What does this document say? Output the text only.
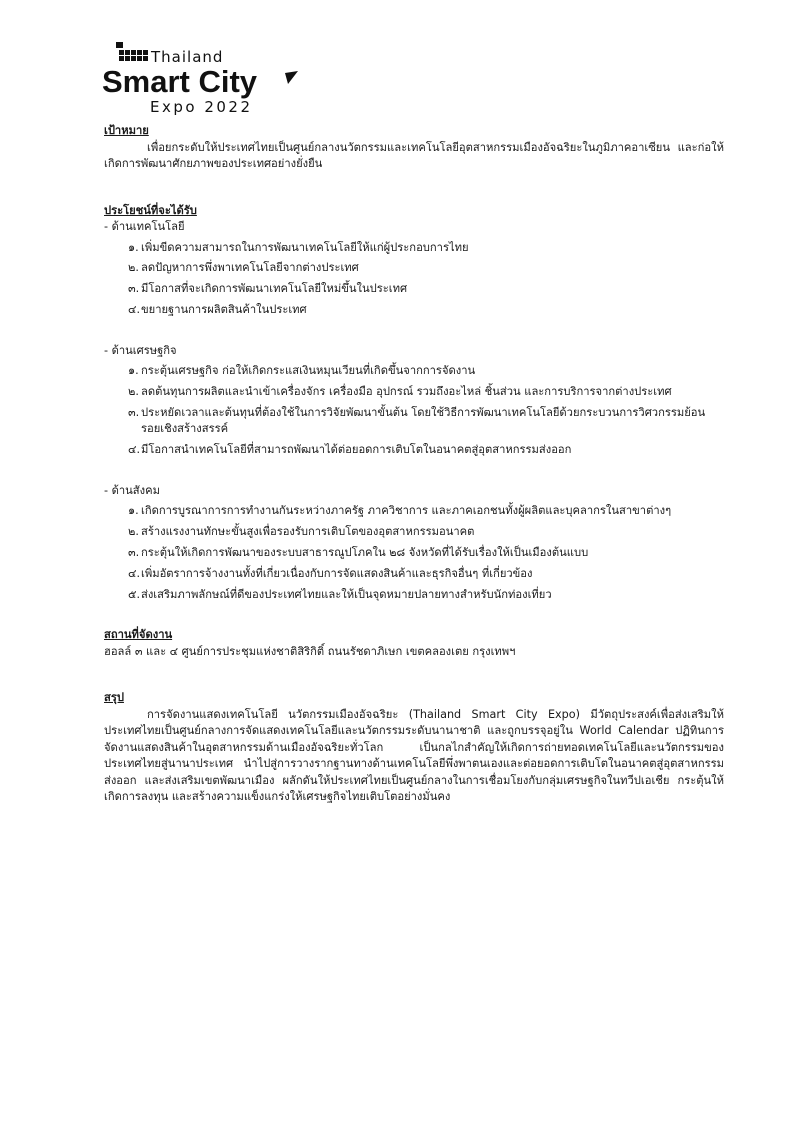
Thailand
Smart City
Expo 2022

เป้าหมาย

เพื่อยกระดับให้ประเทศไทยเป็นศูนย์กลางนวัตกรรมและเทคโนโลยีอุตสาหกรรมเมืองอัจฉริยะในภูมิภาคอาเซียน และก่อให้เกิดการพัฒนาศักยภาพของประเทศอย่างยั่งยืน

ประโยชน์ที่จะได้รับ

- ด้านเทคโนโลยี

๑. เพิ่มขีดความสามารถในการพัฒนาเทคโนโลยีให้แก่ผู้ประกอบการไทย
๒. ลดปัญหาการพึ่งพาเทคโนโลยีจากต่างประเทศ
๓. มีโอกาสที่จะเกิดการพัฒนาเทคโนโลยีใหม่ขึ้นในประเทศ
๔. ขยายฐานการผลิตสินค้าในประเทศ

- ด้านเศรษฐกิจ

๑. กระตุ้นเศรษฐกิจ ก่อให้เกิดกระแสเงินหมุนเวียนที่เกิดขึ้นจากการจัดงาน
๒. ลดต้นทุนการผลิตและนำเข้าเครื่องจักร เครื่องมือ อุปกรณ์ รวมถึงอะไหล่ ชิ้นส่วน และการบริการจากต่างประเทศ
๓. ประหยัดเวลาและต้นทุนที่ต้องใช้ในการวิจัยพัฒนาขั้นต้น โดยใช้วิธีการพัฒนาเทคโนโลยีด้วยกระบวนการวิศวกรรมย้อนรอยเชิงสร้างสรรค์
๔. มีโอกาสนำเทคโนโลยีที่สามารถพัฒนาได้ต่อยอดการเติบโตในอนาคตสู่อุตสาหกรรมส่งออก

- ด้านสังคม

๑. เกิดการบูรณาการการทำงานกันระหว่างภาครัฐ ภาควิชาการ และภาคเอกชนทั้งผู้ผลิตและบุคลากรในสาขาต่างๆ
๒. สร้างแรงงานทักษะขั้นสูงเพื่อรองรับการเติบโตของอุตสาหกรรมอนาคต
๓. กระตุ้นให้เกิดการพัฒนาของระบบสาธารณูปโภคใน ๒๘ จังหวัดที่ได้รับเรื่องให้เป็นเมืองต้นแบบ
๔. เพิ่มอัตราการจ้างงานทั้งที่เกี่ยวเนื่องกับการจัดแสดงสินค้าและธุรกิจอื่นๆ ที่เกี่ยวข้อง
๕. ส่งเสริมภาพลักษณ์ที่ดีของประเทศไทยและให้เป็นจุดหมายปลายทางสำหรับนักท่องเที่ยว

สถานที่จัดงาน

ฮอลล์ ๓ และ ๔ ศูนย์การประชุมแห่งชาติสิริกิติ์ ถนนรัชดาภิเษก เขตคลองเตย กรุงเทพฯ

สรุป

การจัดงานแสดงเทคโนโลยี นวัตกรรมเมืองอัจฉริยะ (Thailand Smart City Expo) มีวัตถุประสงค์เพื่อส่งเสริมให้ประเทศไทยเป็นศูนย์กลางการจัดแสดงเทคโนโลยีและนวัตกรรมระดับนานาชาติ และถูกบรรจุอยู่ใน World Calendar ปฏิทินการจัดงานแสดงสินค้าในอุตสาหกรรมด้านเมืองอัจฉริยะทั่วโลก เป็นกลไกสำคัญให้เกิดการถ่ายทอดเทคโนโลยีและนวัตกรรมของประเทศไทยสู่นานาประเทศ นำไปสู่การวางรากฐานทางด้านเทคโนโลยีพึ่งพาตนเองและต่อยอดการเติบโตในอนาคตสู่อุตสาหกรรมส่งออก และส่งเสริมเขตพัฒนาเมือง ผลักดันให้ประเทศไทยเป็นศูนย์กลางในการเชื่อมโยงกับกลุ่มเศรษฐกิจในทวีปเอเชีย กระตุ้นให้เกิดการลงทุน และสร้างความแข็งแกร่งให้เศรษฐกิจไทยเติบโตอย่างมั่นคง
